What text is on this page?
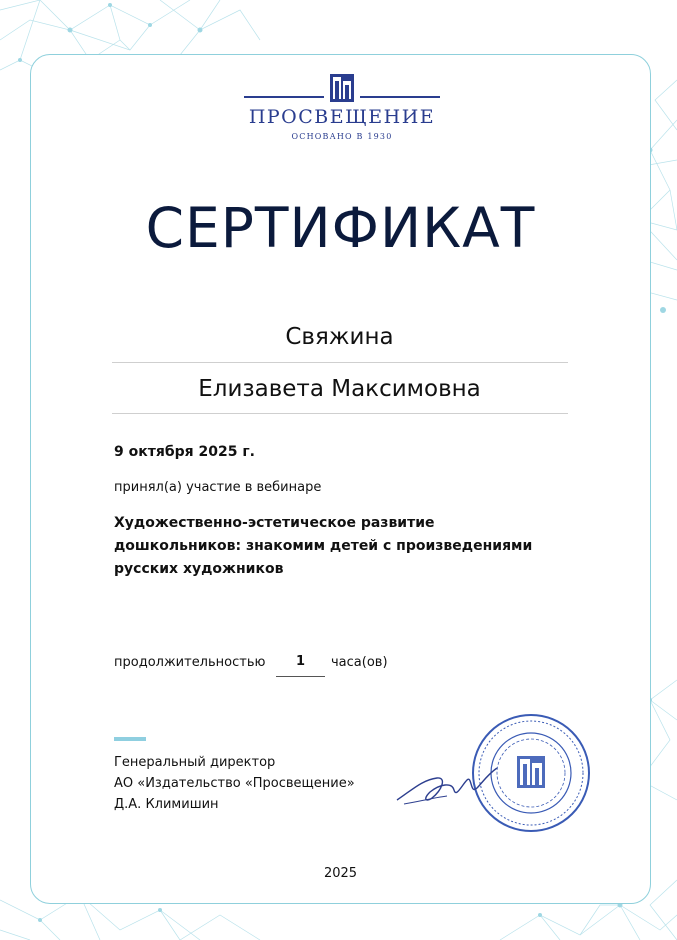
ПРОСВЕЩЕНИЕ
ОСНОВАНО В 1930
СЕРТИФИКАТ
Свяжина
Елизавета Максимовна
9 октября 2025 г.
принял(а) участие в вебинаре
Художественно-эстетическое развитие
дошкольников: знакомим детей с произведениями
русских художников
продолжительностью	1	часа(ов)
Генеральный директор
АО «Издательство «Просвещение»
Д.А. Климишин
2025
